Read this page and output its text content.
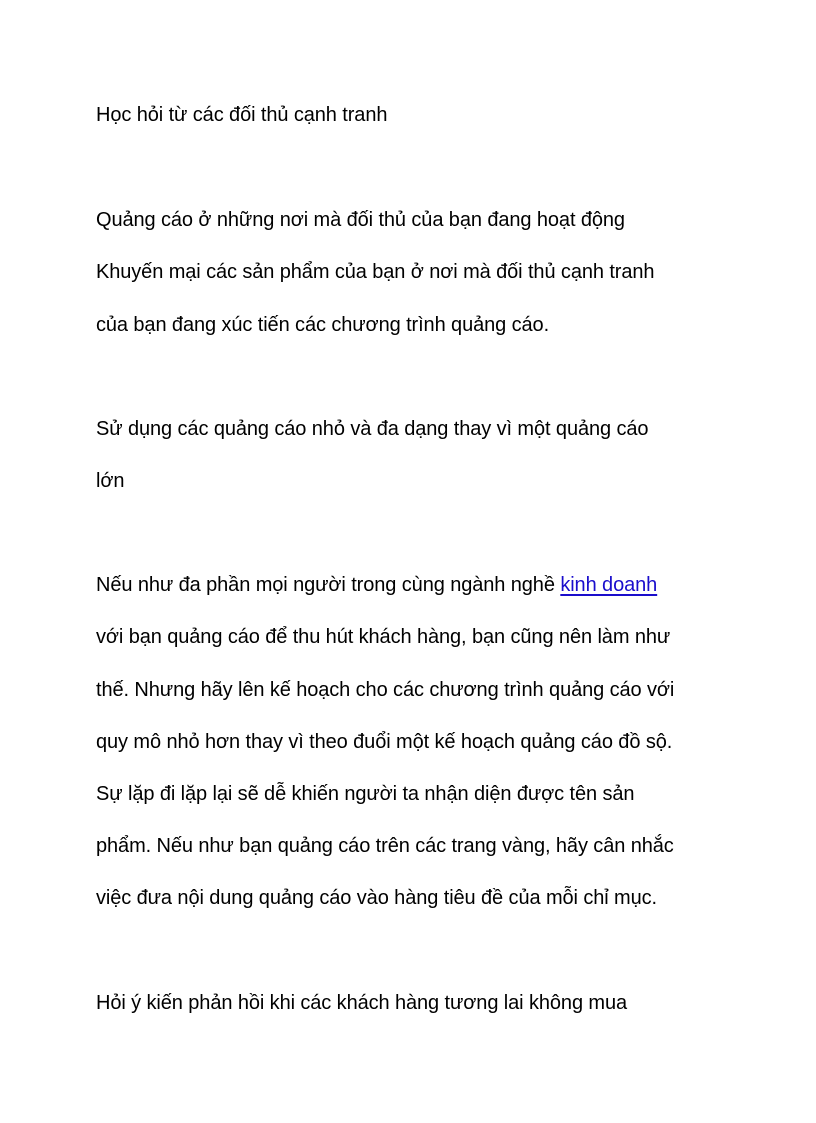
Học hỏi từ các đối thủ cạnh tranh
Quảng cáo ở những nơi mà đối thủ của bạn đang hoạt động
Khuyến mại các sản phẩm của bạn ở nơi mà đối thủ cạnh tranh
của bạn đang xúc tiến các chương trình quảng cáo.
Sử dụng các quảng cáo nhỏ và đa dạng thay vì một quảng cáo
lớn
Nếu như đa phần mọi người trong cùng ngành nghề kinh doanh
với bạn quảng cáo để thu hút khách hàng, bạn cũng nên làm như
thế. Nhưng hãy lên kế hoạch cho các chương trình quảng cáo với
quy mô nhỏ hơn thay vì theo đuổi một kế hoạch quảng cáo đồ sộ.
Sự lặp đi lặp lại sẽ dễ khiến người ta nhận diện được tên sản
phẩm. Nếu như bạn quảng cáo trên các trang vàng, hãy cân nhắc
việc đưa nội dung quảng cáo vào hàng tiêu đề của mỗi chỉ mục.
Hỏi ý kiến phản hồi khi các khách hàng tương lai không mua
